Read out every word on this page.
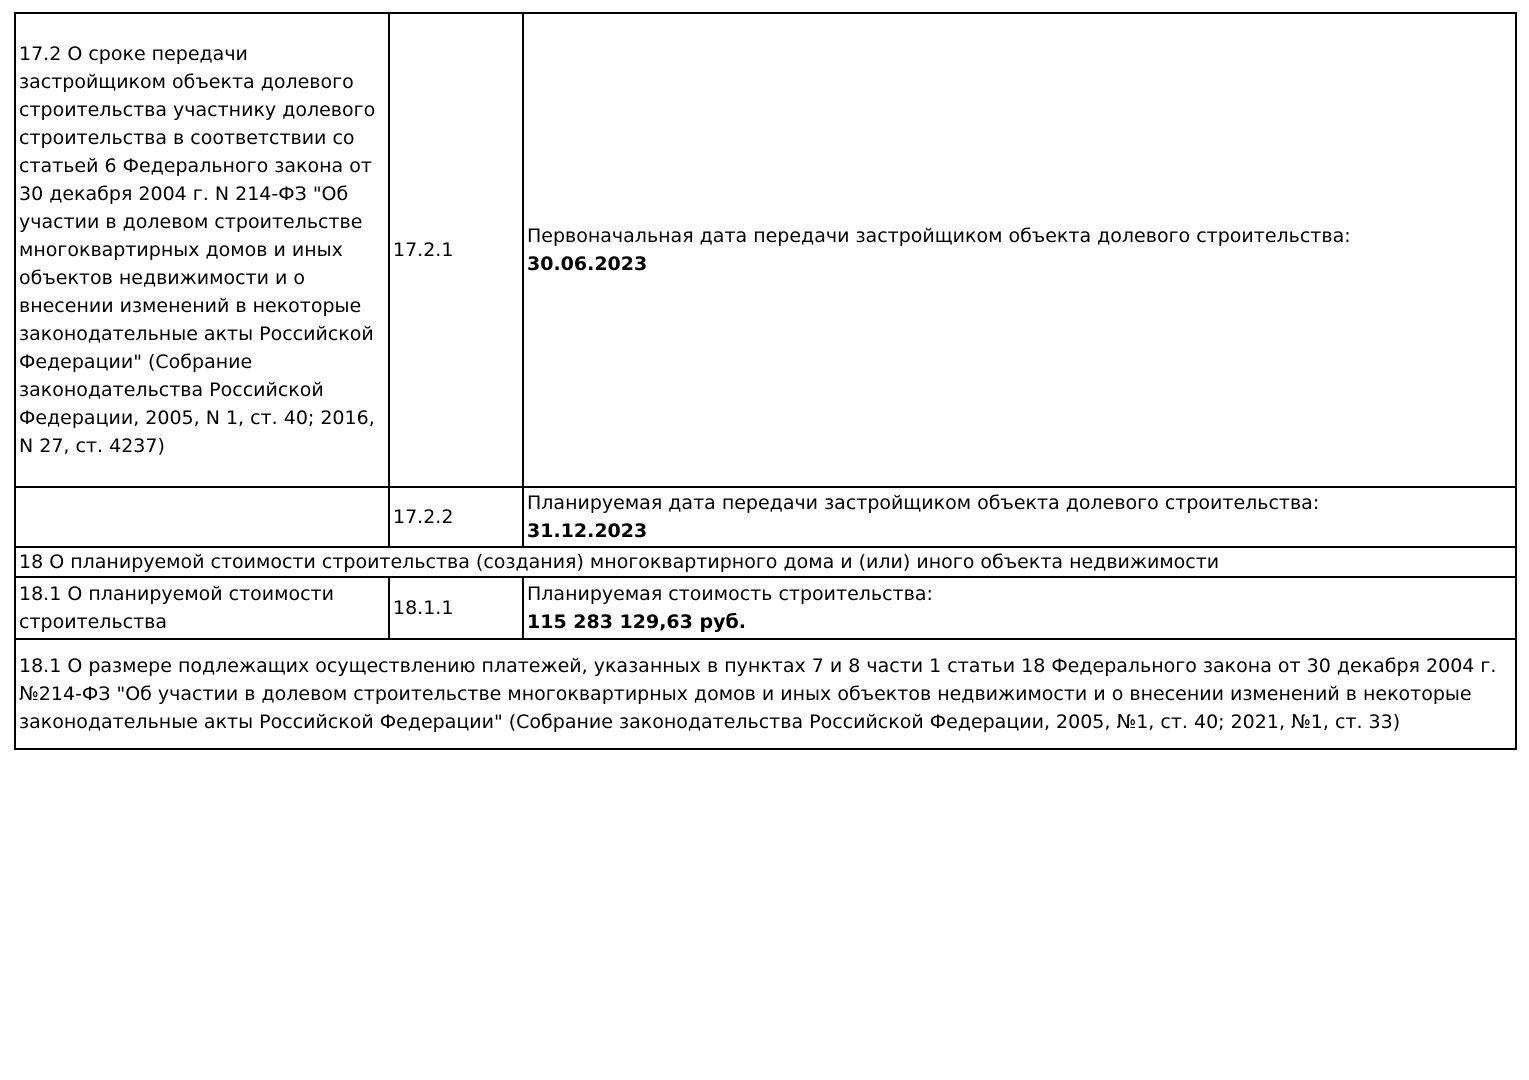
17.2 О сроке передачи застройщиком объекта долевого строительства участнику долевого строительства в соответствии со статьей 6 Федерального закона от 30 декабря 2004 г. N 214-ФЗ "Об участии в долевом строительстве многоквартирных домов и иных объектов недвижимости и о внесении изменений в некоторые законодательные акты Российской Федерации" (Собрание законодательства Российской Федерации, 2005, N 1, ст. 40; 2016, N 27, ст. 4237)	17.2.1	Первоначальная дата передачи застройщиком объекта долевого строительства:
30.06.2023

	17.2.2	Планируемая дата передачи застройщиком объекта долевого строительства:
31.12.2023

18 О планируемой стоимости строительства (создания) многоквартирного дома и (или) иного объекта недвижимости		
18.1 О планируемой стоимости строительства	18.1.1	Планируемая стоимость строительства:
115 283 129,63 руб.

18.1 О размере подлежащих осуществлению платежей, указанных в пунктах 7 и 8 части 1 статьи 18 Федерального закона от 30 декабря 2004 г. №214-ФЗ "Об участии в долевом строительстве многоквартирных домов и иных объектов недвижимости и о внесении изменений в некоторые законодательные акты Российской Федерации" (Собрание законодательства Российской Федерации, 2005, №1, ст. 40; 2021, №1, ст. 33)		
